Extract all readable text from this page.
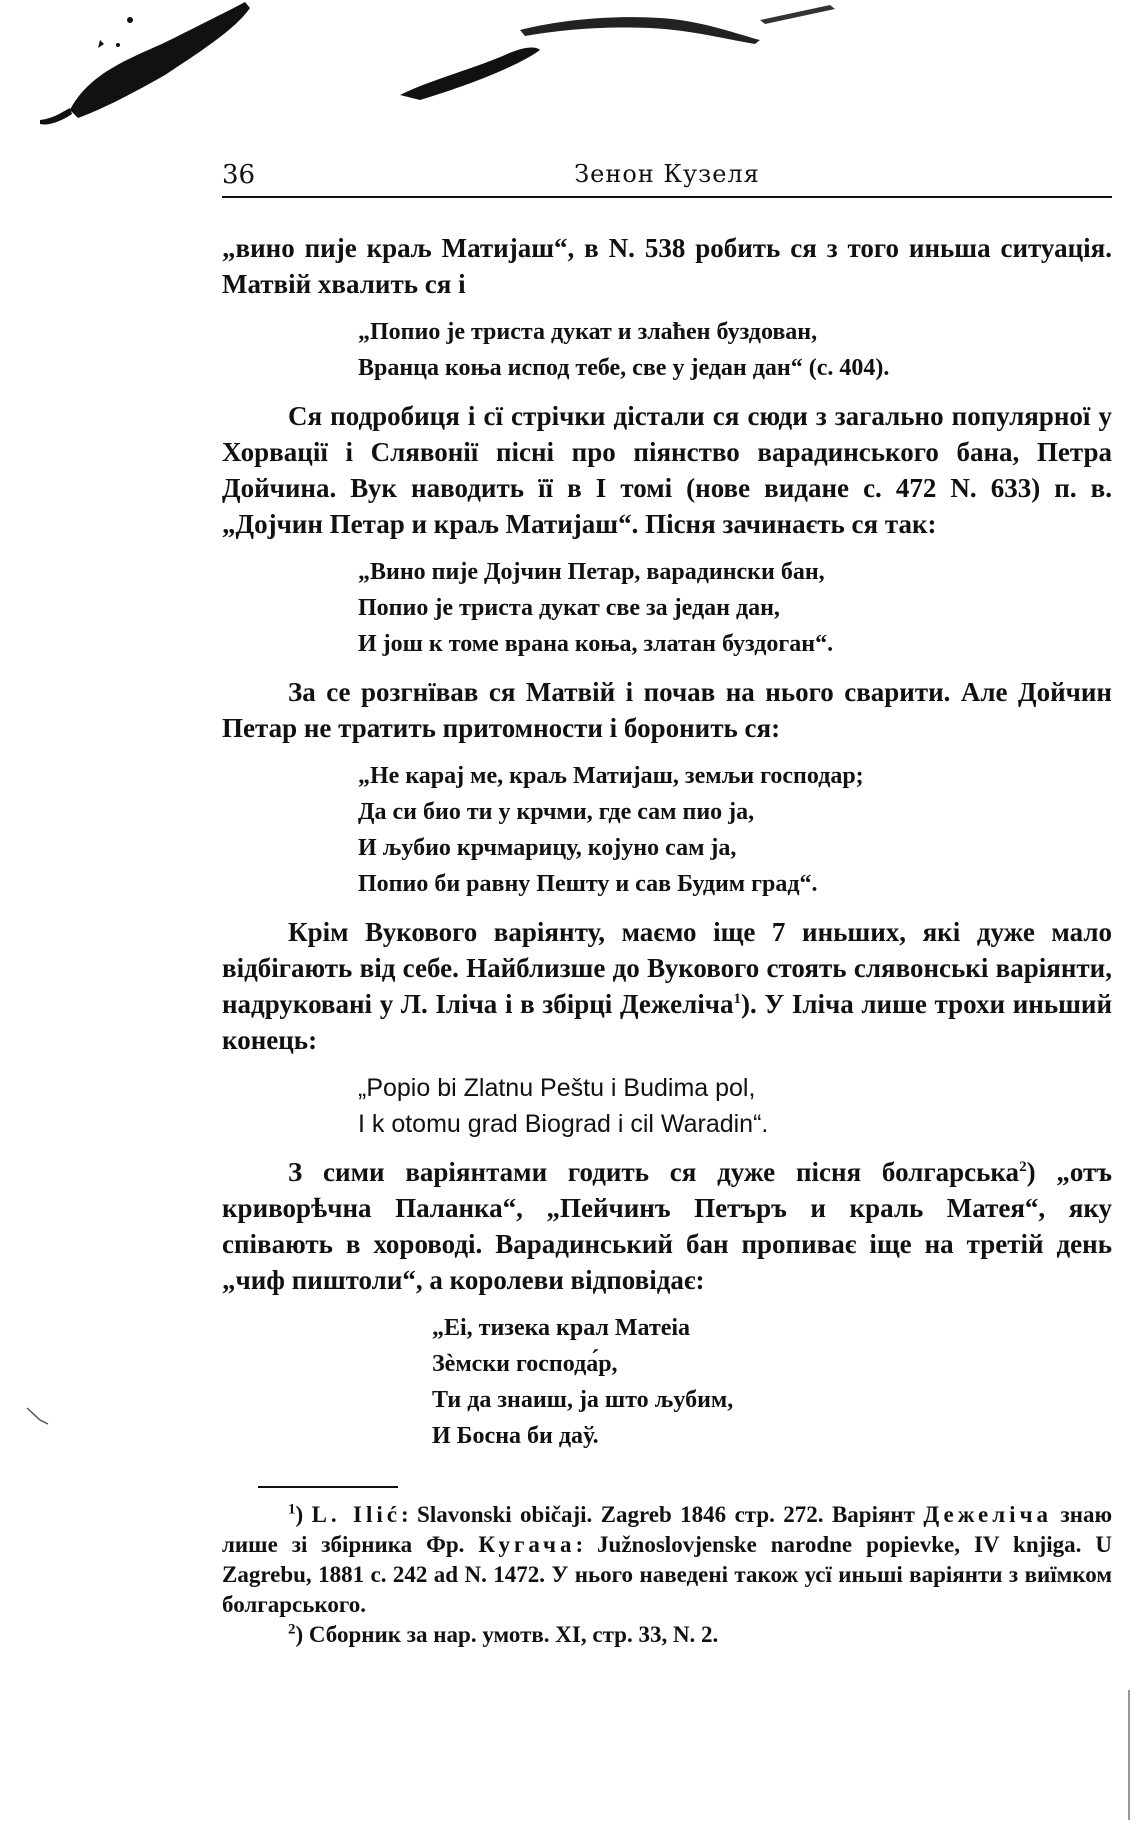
36	Зенон Кузеля

„вино пије краљ Матијаш“, в N. 538 робить ся з того иньша ситуація. Матвій хвалить ся і

„Попио је триста дукат и злаћен буздован,
Вранца коња испод тебе, све у један дан“ (с. 404).

Ся подробиця і сї стрічки дістали ся сюди з загально популярної у Хорвації і Слявонії пісні про піянство варадинського бана, Петра Дойчина. Вук наводить її в I томі (нове видане с. 472 N. 633) п. в. „Дојчин Петар и краљ Матијаш“. Пісня зачинаєть ся так:

„Вино пије Дојчин Петар, варадински бан,
Попио је триста дукат све за један дан,
И још к томе врана коња, златан буздоган“.

За се розгнївав ся Матвій і почав на нього сварити. Але Дойчин Петар не тратить притомности і боронить ся:

„Не карај ме, краљ Матијаш, земљи господар;
Да си био ти у крчми, где сам пио ја,
И љубио крчмарицу, којуно сам ја,
Попио би равну Пешту и сав Будим град“.

Крім Вукового варіянту, маємо іще 7 иньших, які дуже мало відбігають від себе. Найблизше до Вукового стоять слявонські варіянти, надруковані у Л. Іліча і в збірці Дежеліча$^1$). У Іліча лише трохи иньший конець:

„Popio bi Zlatnu Peštu i Budima pol,
I k otomu grad Biograd i cil Waradin“.

З сими варіянтами годить ся дуже пісня болгарська$^2$) „отъ криворѣчна Паланка“, „Пейчинъ Петъръ и краль Матея“, яку співають в хороводі. Варадинський бан пропиває іще на третій день „чиф пиштоли“, а королеви відповідає:

„Еі, тизека крал Матеіа
Зѐмски господа́р,
Ти да знаиш, ја што љубим,
И Босна би даў.

$^1$) L. Ilić: Slavonski običaji. Zagreb 1846 стр. 272. Варіянт Дежеліча знаю лише зі збірника Фр. Кугача: Južnoslovjenske narodne popievke, IV knjiga. U Zagrebu, 1881 с. 242 ad N. 1472. У нього наведені також усї иньші варіянти з виїмком болгарського.

$^2$) Сборник за нар. умотв. XI, стр. 33, N. 2.
